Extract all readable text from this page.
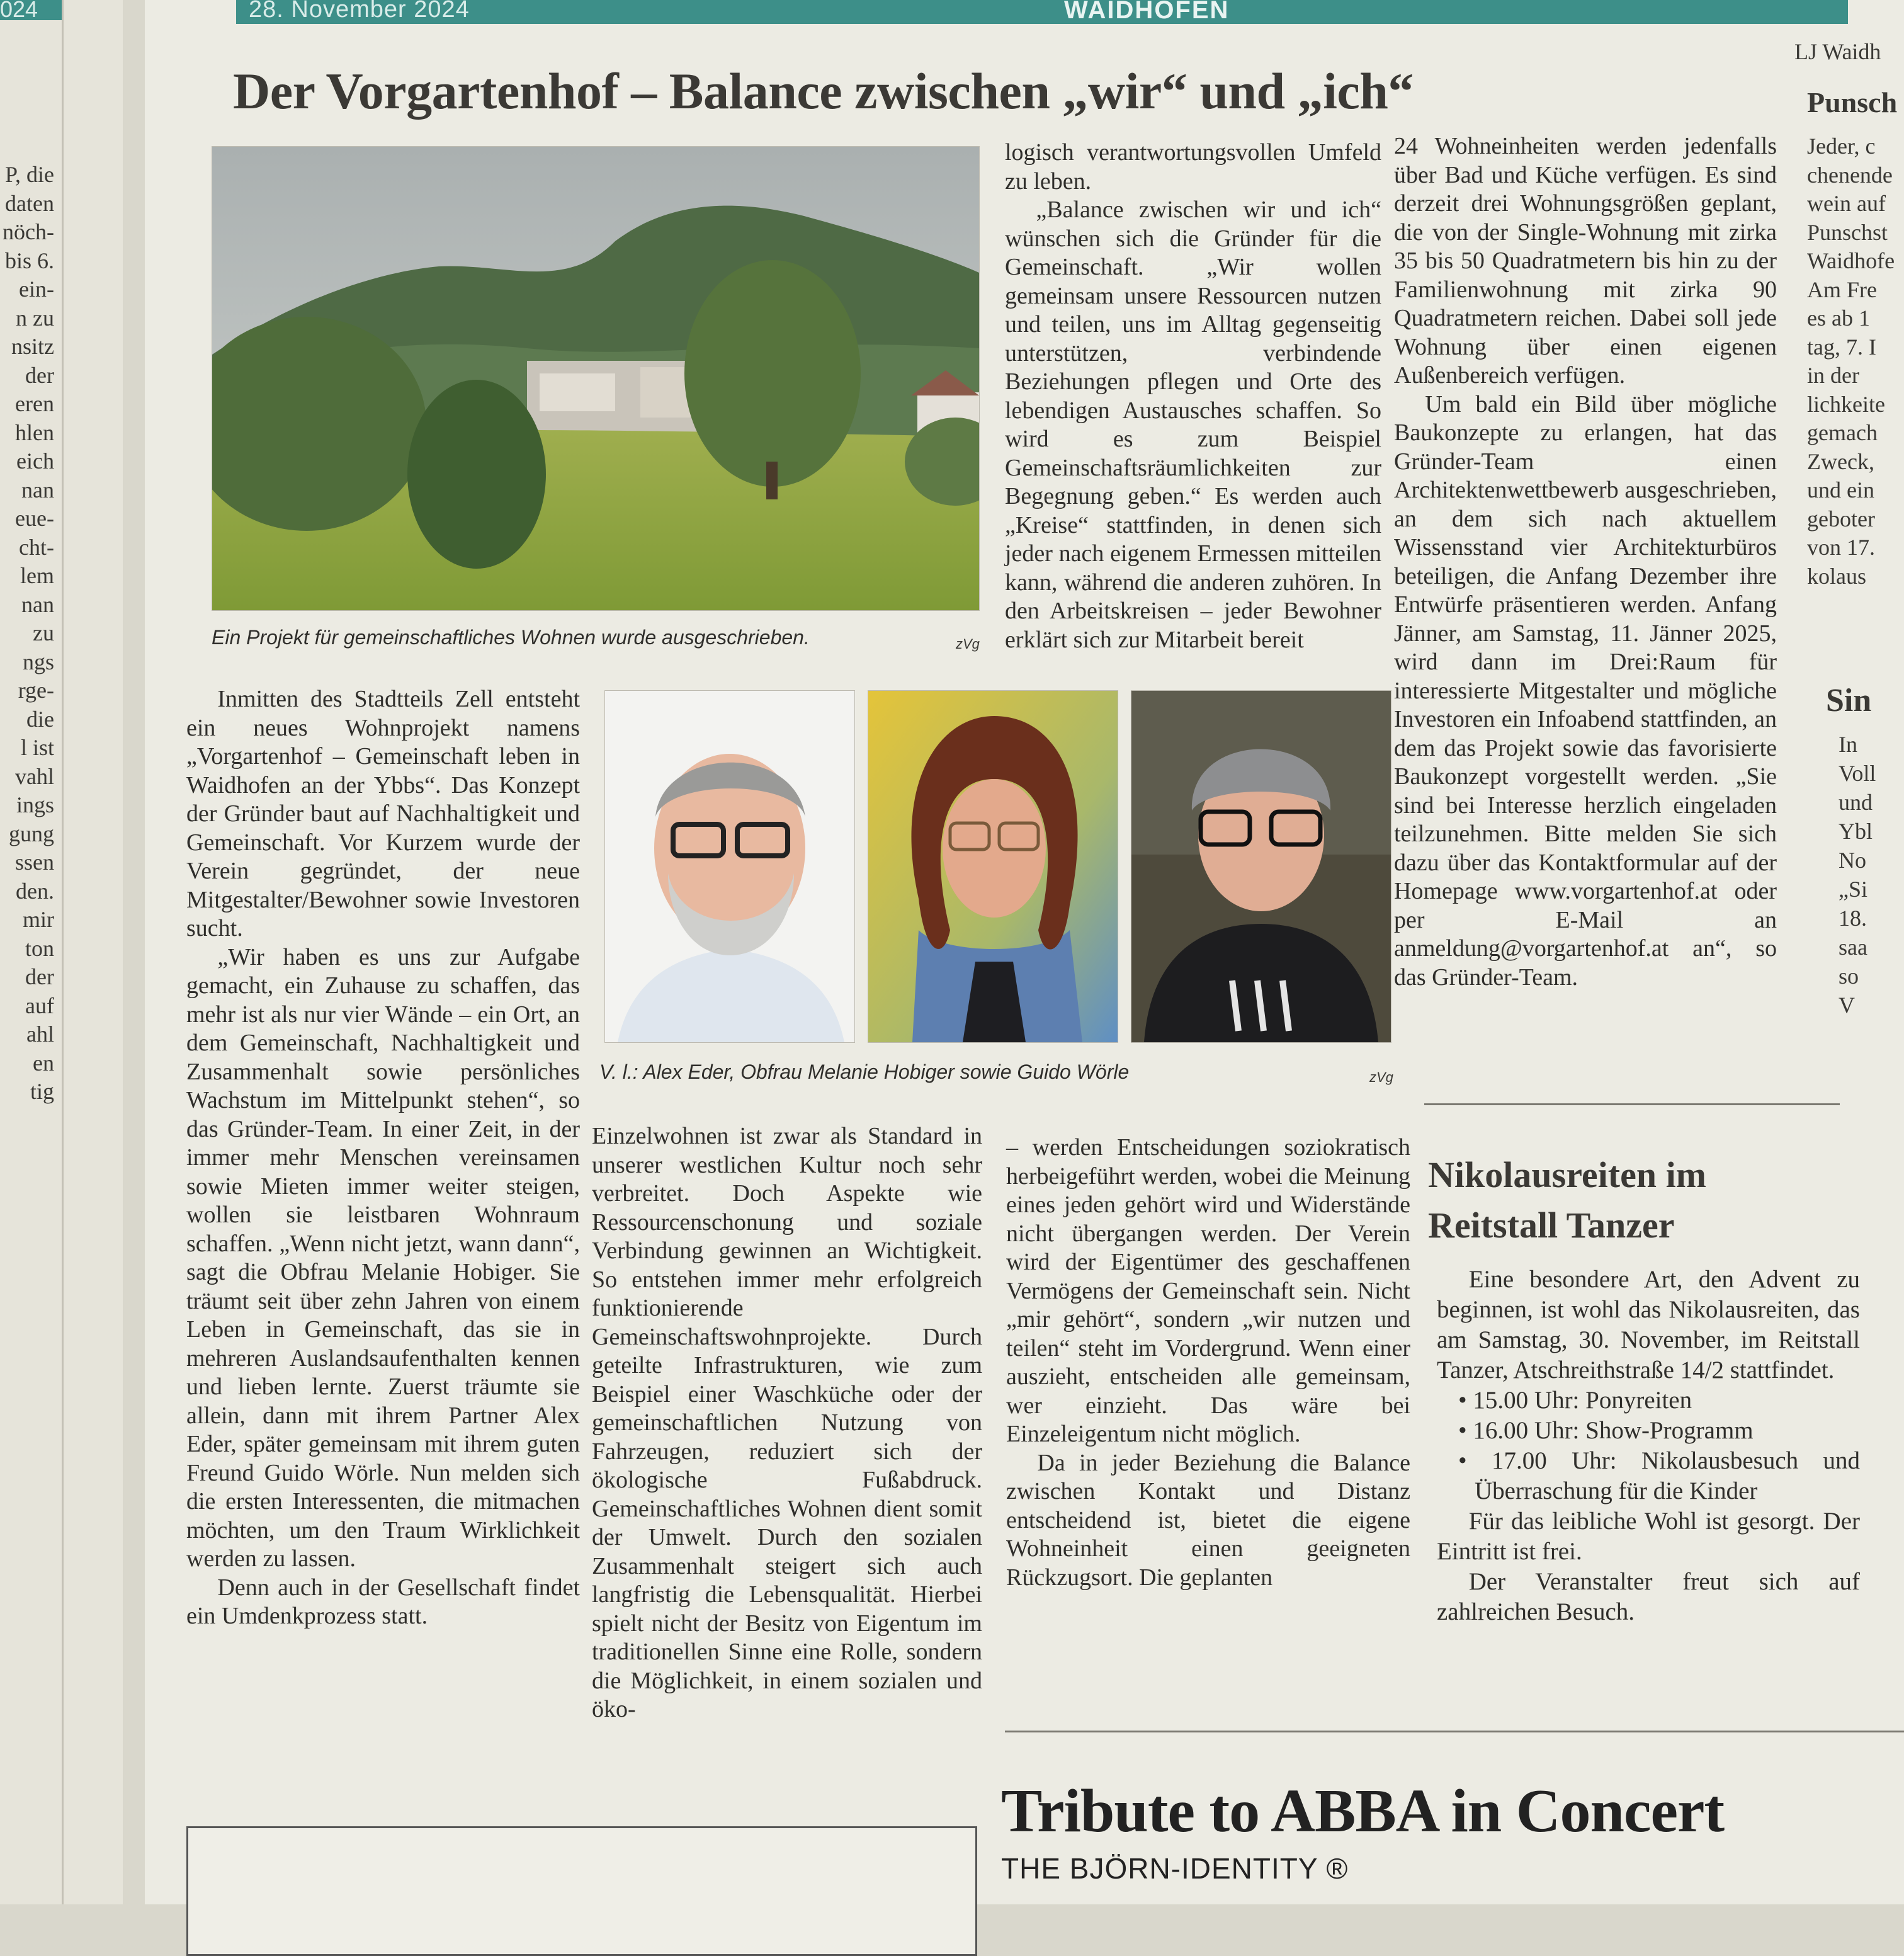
024
P, die
daten
nöch-
bis 6.
ein-
n zu
nsitz
der
eren
hlen
eich
nan
eue-
cht-
lem
nan
zu
ngs
rge-
die
l ist
vahl
ings
gung
ssen
den.
mir
ton
der
auf
ahl
en
tig
28. November 2024	WAIDHOFEN
Der Vorgartenhof – Balance zwischen „wir“ und „ich“
Ein Projekt für gemeinschaftliches Wohnen wurde ausgeschrieben.	zVg
V. l.: Alex Eder, Obfrau Melanie Hobiger sowie Guido Wörle	zVg

Inmitten des Stadtteils Zell entsteht ein neues Wohnprojekt namens „Vorgartenhof – Gemeinschaft leben in Waidhofen an der Ybbs“. Das Konzept der Gründer baut auf Nachhaltigkeit und Gemeinschaft. Vor Kurzem wurde der Verein gegründet, der neue Mitgestalter/Bewohner sowie Investoren sucht.

„Wir haben es uns zur Aufgabe gemacht, ein Zuhause zu schaffen, das mehr ist als nur vier Wände – ein Ort, an dem Gemeinschaft, Nachhaltigkeit und Zusammenhalt sowie persönliches Wachstum im Mittelpunkt stehen“, so das Gründer-Team. In einer Zeit, in der immer mehr Menschen vereinsamen sowie Mieten immer weiter steigen, wollen sie leistbaren Wohnraum schaffen. „Wenn nicht jetzt, wann dann“, sagt die Obfrau Melanie Hobiger. Sie träumt seit über zehn Jahren von einem Leben in Gemeinschaft, das sie in mehreren Auslandsaufenthalten kennen und lieben lernte. Zuerst träumte sie allein, dann mit ihrem Partner Alex Eder, später gemeinsam mit ihrem guten Freund Guido Wörle. Nun melden sich die ersten Interessenten, die mitmachen möchten, um den Traum Wirklichkeit werden zu lassen.

Denn auch in der Gesellschaft findet ein Umdenkprozess statt.

Einzelwohnen ist zwar als Standard in unserer westlichen Kultur noch sehr verbreitet. Doch Aspekte wie Ressourcenschonung und soziale Verbindung gewinnen an Wichtigkeit. So entstehen immer mehr erfolgreich funktionierende Gemeinschaftswohnprojekte. Durch geteilte Infrastrukturen, wie zum Beispiel einer Waschküche oder der gemeinschaftlichen Nutzung von Fahrzeugen, reduziert sich der ökologische Fußabdruck. Gemeinschaftliches Wohnen dient somit der Umwelt. Durch den sozialen Zusammenhalt steigert sich auch langfristig die Lebensqualität. Hierbei spielt nicht der Besitz von Eigentum im traditionellen Sinne eine Rolle, sondern die Möglichkeit, in einem sozialen und öko-

logisch verantwortungsvollen Umfeld zu leben.

„Balance zwischen wir und ich“ wünschen sich die Gründer für die Gemeinschaft. „Wir wollen gemeinsam unsere Ressourcen nutzen und teilen, uns im Alltag gegenseitig unterstützen, verbindende Beziehungen pflegen und Orte des lebendigen Austausches schaffen. So wird es zum Beispiel Gemeinschaftsräumlichkeiten zur Begegnung geben.“ Es werden auch „Kreise“ stattfinden, in denen sich jeder nach eigenem Ermessen mitteilen kann, während die anderen zuhören. In den Arbeitskreisen – jeder Bewohner erklärt sich zur Mitarbeit bereit

– werden Entscheidungen soziokratisch herbeigeführt werden, wobei die Meinung eines jeden gehört wird und Widerstände nicht übergangen werden. Der Verein wird der Eigentümer des geschaffenen Vermögens der Gemeinschaft sein. Nicht „mir gehört“, sondern „wir nutzen und teilen“ steht im Vordergrund. Wenn einer auszieht, entscheiden alle gemeinsam, wer einzieht. Das wäre bei Einzeleigentum nicht möglich.

Da in jeder Beziehung die Balance zwischen Kontakt und Distanz entscheidend ist, bietet die eigene Wohneinheit einen geeigneten Rückzugsort. Die geplanten

24 Wohneinheiten werden jedenfalls über Bad und Küche verfügen. Es sind derzeit drei Wohnungsgrößen geplant, die von der Single-Wohnung mit zirka 35 bis 50 Quadratmetern bis hin zu der Familienwohnung mit zirka 90 Quadratmetern reichen. Dabei soll jede Wohnung über einen eigenen Außenbereich verfügen.

Um bald ein Bild über mögliche Baukonzepte zu erlangen, hat das Gründer-Team einen Architektenwettbewerb ausgeschrieben, an dem sich nach aktuellem Wissensstand vier Architekturbüros beteiligen, die Anfang Dezember ihre Entwürfe präsentieren werden. Anfang Jänner, am Samstag, 11. Jänner 2025, wird dann im Drei:Raum für interessierte Mitgestalter und mögliche Investoren ein Infoabend stattfinden, an dem das Projekt sowie das favorisierte Baukonzept vorgestellt werden. „Sie sind bei Interesse herzlich eingeladen teilzunehmen. Bitte melden Sie sich dazu über das Kontaktformular auf der Homepage www.vorgartenhof.at oder per E-Mail an anmeldung@vorgartenhof.at an“, so das Gründer-Team.

Nikolausreiten im
Reitstall Tanzer

Eine besondere Art, den Advent zu beginnen, ist wohl das Nikolausreiten, das am Samstag, 30. November, im Reitstall Tanzer, Atschreithstraße 14/2 stattfindet.

• 15.00 Uhr: Ponyreiten
• 16.00 Uhr: Show-Programm
• 17.00 Uhr: Nikolausbesuch und Überraschung für die Kinder

Für das leibliche Wohl ist gesorgt. Der Eintritt ist frei.

Der Veranstalter freut sich auf zahlreichen Besuch.

Tribute to ABBA in Concert
THE BJÖRN-IDENTITY ®
LJ Waidh
Punsch
Jeder, c
chenende
wein auf
Punschst
Waidhofe
Am Fre
es ab 1
tag, 7. I
in der
lichkeite
gemach
Zweck,
und ein
geboter
von 17.
kolaus
Sin
In
Voll
und
Ybl
No
„Si
18.
saa
so
V
